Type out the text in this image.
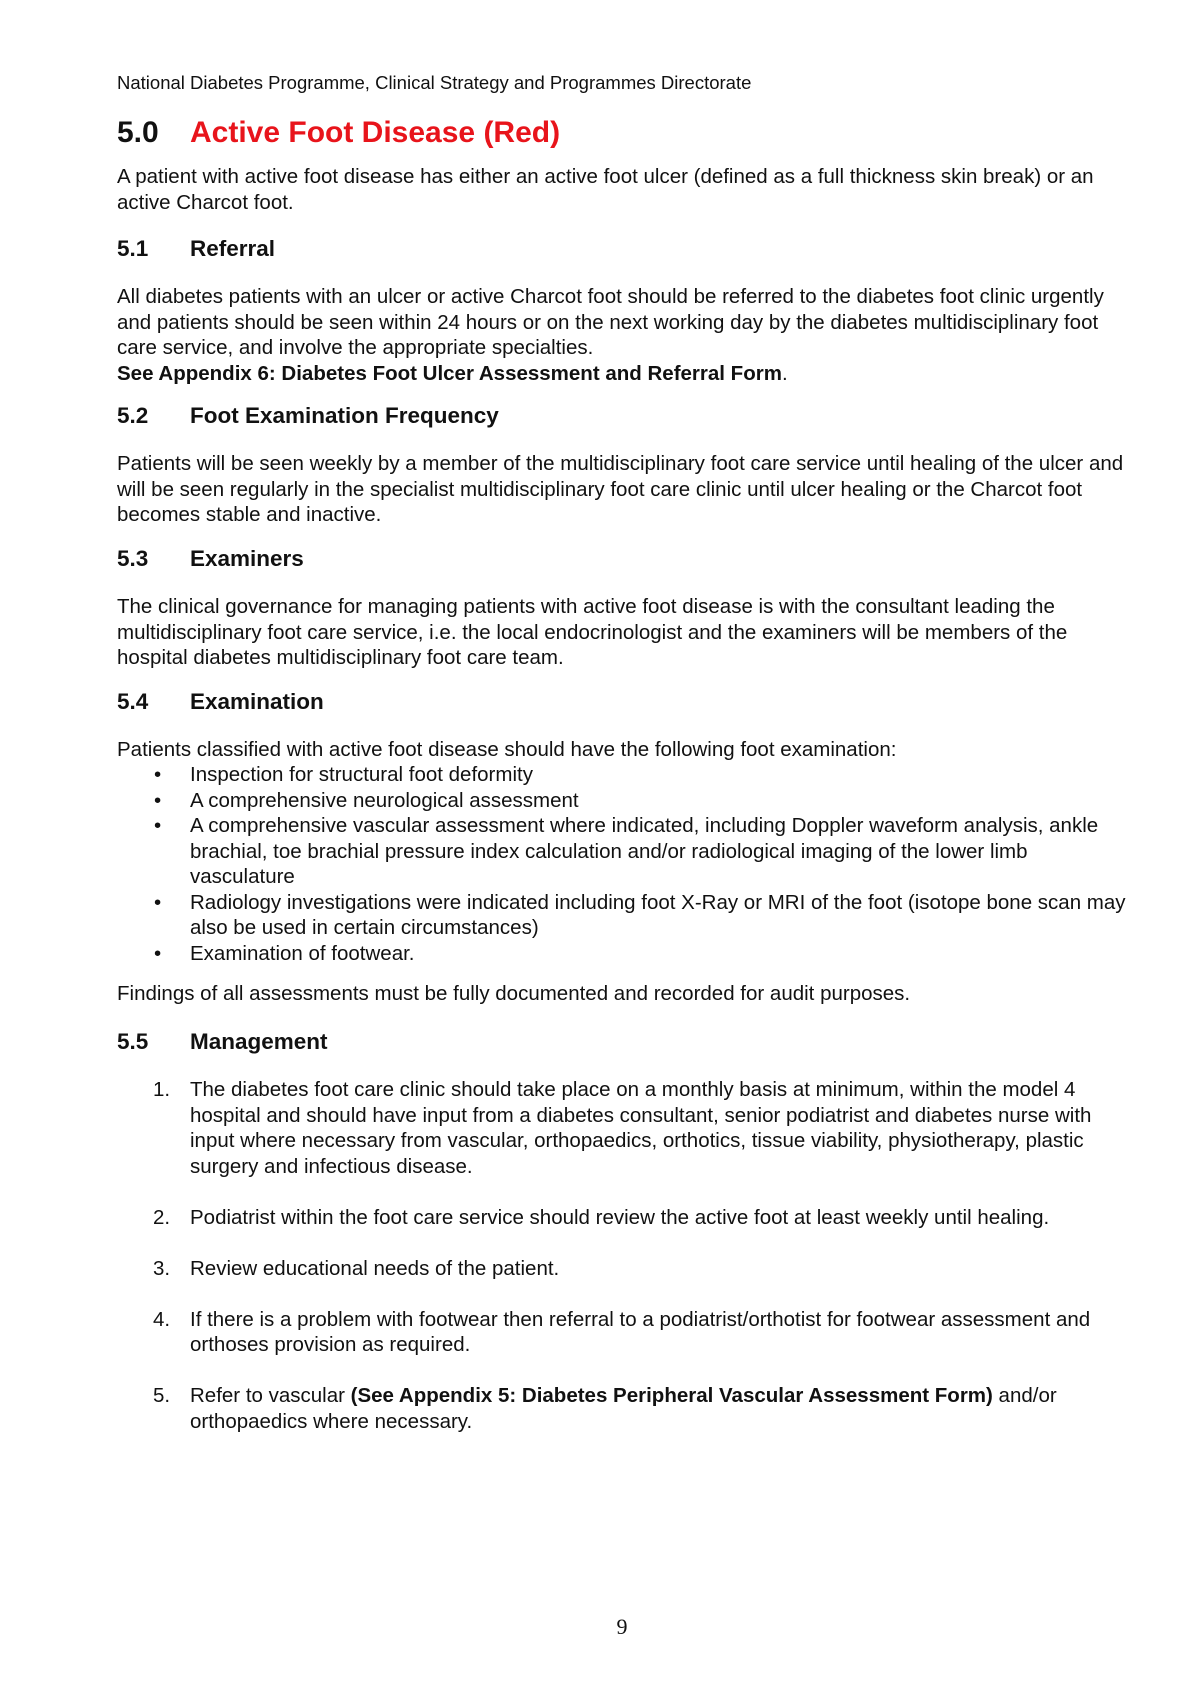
National Diabetes Programme, Clinical Strategy and Programmes Directorate
5.0 Active Foot Disease (Red)

A patient with active foot disease has either an active foot ulcer (defined as a full thickness skin break) or an active Charcot foot.

5.1 Referral

All diabetes patients with an ulcer or active Charcot foot should be referred to the diabetes foot clinic urgently and patients should be seen within 24 hours or on the next working day by the diabetes multidisciplinary foot care service, and involve the appropriate specialties.
See Appendix 6: Diabetes Foot Ulcer Assessment and Referral Form.

5.2 Foot Examination Frequency

Patients will be seen weekly by a member of the multidisciplinary foot care service until healing of the ulcer and will be seen regularly in the specialist multidisciplinary foot care clinic until ulcer healing or the Charcot foot becomes stable and inactive.

5.3 Examiners

The clinical governance for managing patients with active foot disease is with the consultant leading the multidisciplinary foot care service, i.e. the local endocrinologist and the examiners will be members of the hospital diabetes multidisciplinary foot care team.

5.4 Examination

Patients classified with active foot disease should have the following foot examination:

• Inspection for structural foot deformity
• A comprehensive neurological assessment
• A comprehensive vascular assessment where indicated, including Doppler waveform analysis, ankle brachial, toe brachial pressure index calculation and/or radiological imaging of the lower limb vasculature
• Radiology investigations were indicated including foot X-Ray or MRI of the foot (isotope bone scan may also be used in certain circumstances)
• Examination of footwear.

Findings of all assessments must be fully documented and recorded for audit purposes.

5.5 Management
1. The diabetes foot care clinic should take place on a monthly basis at minimum, within the model 4 hospital and should have input from a diabetes consultant, senior podiatrist and diabetes nurse with input where necessary from vascular, orthopaedics, orthotics, tissue viability, physiotherapy, plastic surgery and infectious disease.
2. Podiatrist within the foot care service should review the active foot at least weekly until healing.
3. Review educational needs of the patient.
4. If there is a problem with footwear then referral to a podiatrist/orthotist for footwear assessment and orthoses provision as required.
5. Refer to vascular (See Appendix 5: Diabetes Peripheral Vascular Assessment Form) and/or orthopaedics where necessary.
9
